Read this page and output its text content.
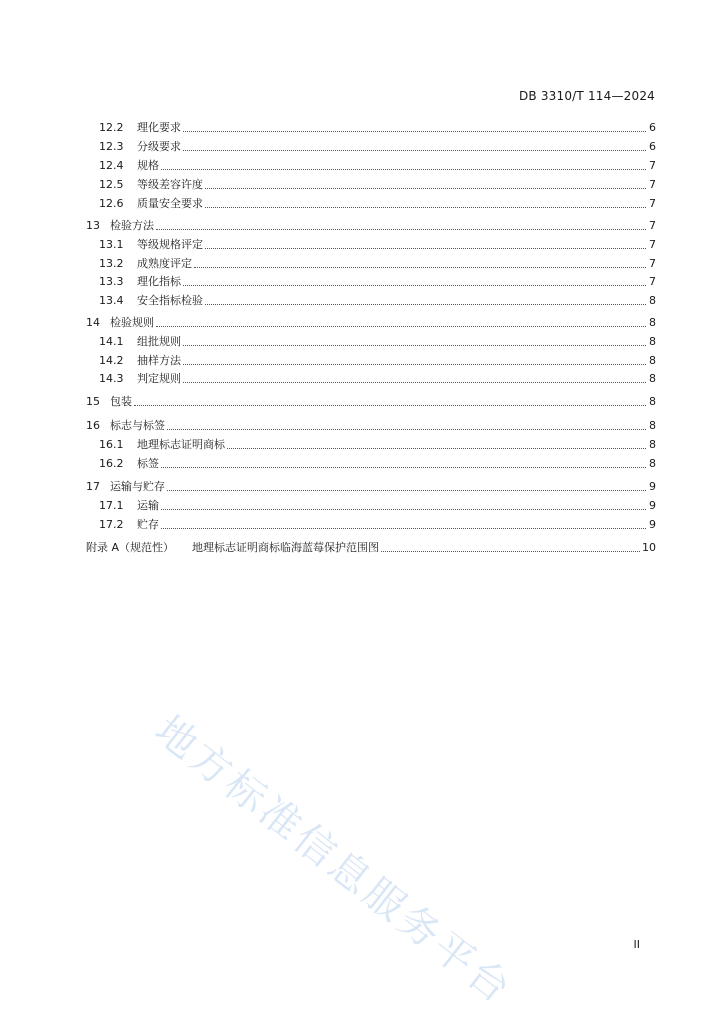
DB 3310/T 114—2024
12.2	理化要求	6
12.3	分级要求	6
12.4	规格	7
12.5	等级差容许度	7
12.6	质量安全要求	7
13 检验方法	7
13.1	等级规格评定	7
13.2	成熟度评定	7
13.3	理化指标	7
13.4	安全指标检验	8
14 检验规则	8
14.1	组批规则	8
14.2	抽样方法	8
14.3	判定规则	8
15 包装	8
16 标志与标签	8
16.1	地理标志证明商标	8
16.2	标签	8
17 运输与贮存	9
17.1	运输	9
17.2	贮存	9
附录 A（规范性）	地理标志证明商标临海蓝莓保护范围图	10
地方标准信息服务平台	II
